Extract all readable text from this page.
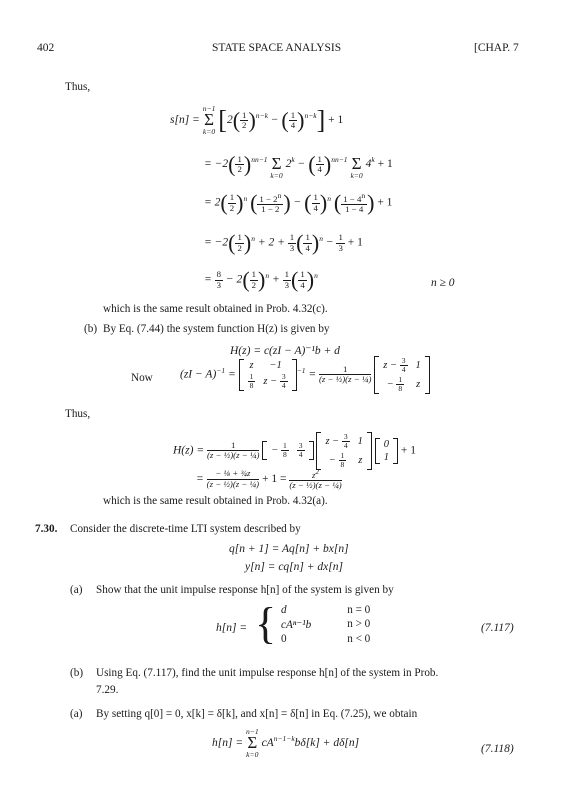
402	STATE SPACE ANALYSIS	[CHAP. 7
Thus,
s[n] =
n−1
Σ
k=0 [$2( \frac{1}{2} )^{n-k}$ − ( $\frac{1}{4} )^{n-k}] + 1$
= $-2( \frac{1}{2} )^{nn-1}$
Σ
k=0
$2^k$ − ( $\frac{1}{4} )^{nn-1}$
Σ
k=0
$4^k + 1$
= $2( \frac{1}{2} )^n$ ( $\frac{1 - 2^n}{1 - 2}$ ) − ( $\frac{1}{4} )^n$ ( $\frac{1 - 4^n}{1 - 4}$ ) + 1
= $-2( \frac{1}{2} )^n + 2 + \frac{1}{3}$ ( $\frac{1}{4} )^n - \frac{1}{3} + 1$
= $\frac{8}{3} - 2( \frac{1}{2} )^n + \frac{1}{3}$ ( $\frac{1}{4} )^n$
n ≥ 0
which is the same result obtained in Prob. 4.32(c).
(b) By Eq. (7.44) the system function H(z) is given by
H(z) = c(zI − A)⁻¹b + d
Now (zI − A)$^{-1}$ =
z	−1

$\frac{1}{8}$	$z - \frac{3}{4}$
$^{-1} = \frac{1}{\text{(z − ½)(z − ¼)}}$
$z - \frac{3}{4}$	1
− $\frac{1}{8}$	z
Thus,
$H(z) = \frac{1}{\text{(z − ½)(z − ¼)}}$
− $\frac{1}{8}$	$\frac{3}{4}$

$z - \frac{3}{4}$	1
− $\frac{1}{8}$	z

0
1
+ 1
= $\frac{\text{− ⅛ + ¾z}}{\text{(z − ½)(z − ¼)}} + 1 = \frac{z^2}{\text{(z − ½)(z − ¼)}}$
which is the same result obtained in Prob. 4.32(a).
7.30. Consider the discrete-time LTI system described by
q[n + 1] = Aq[n] + bx[n]
y[n] = cq[n] + dx[n]
(a) Show that the unit impulse response h[n] of the system is given by
h[n] = { d	n = 0
cAⁿ⁻¹b	n > 0
0	n < 0
(7.117)
(b) Using Eq. (7.117), find the unit impulse response h[n] of the system in Prob.
7.29.
(a) By setting q[0] = 0, x[k] = δ[k], and x[n] = δ[n] in Eq. (7.25), we obtain
h[n] =
n−1
Σ
k=0
$cA^{n-1-k}b\delta[k] + d\delta[n]$
(7.118)
